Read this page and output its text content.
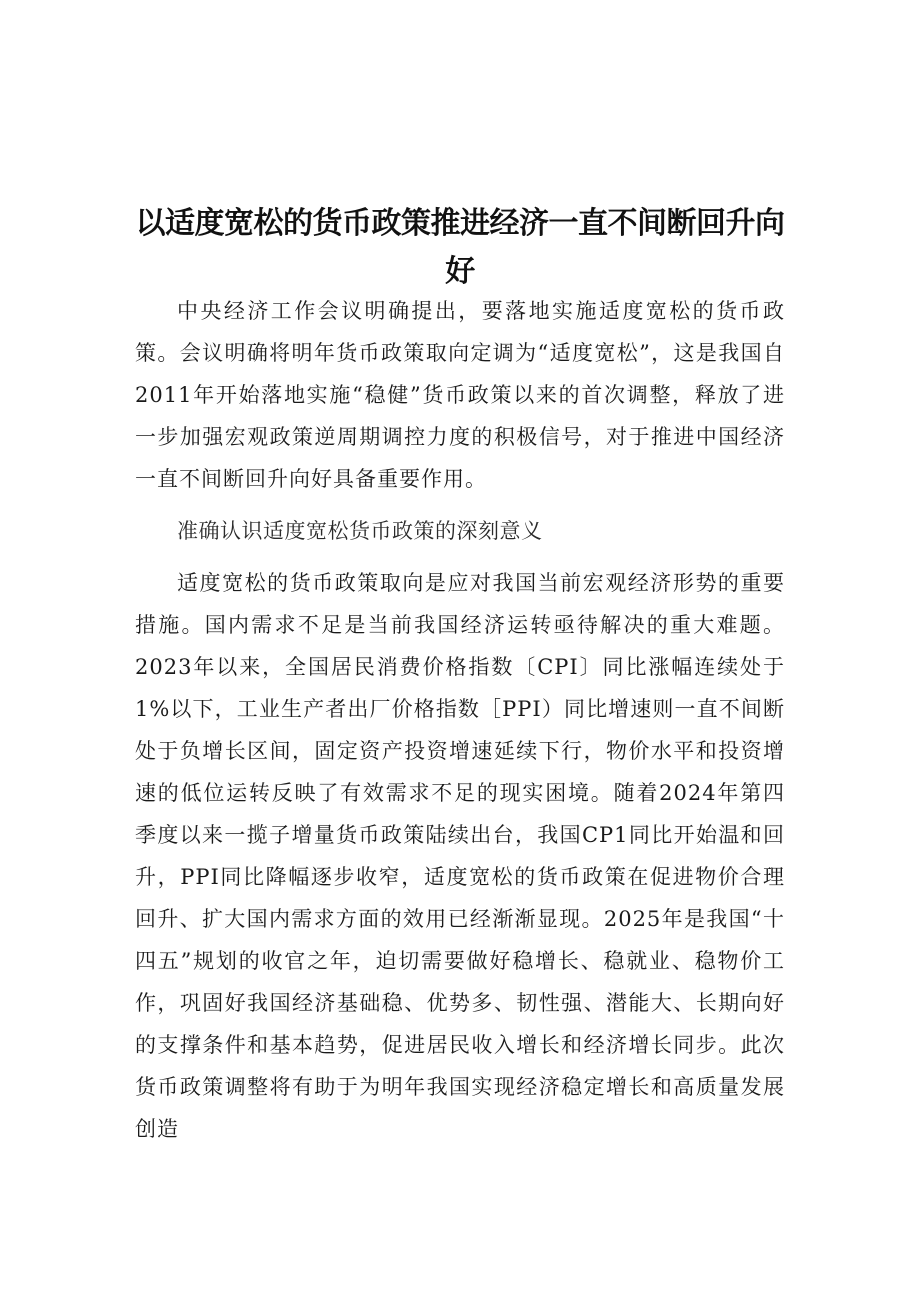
以适度宽松的货币政策推进经济一直不间断回升向好

中央经济工作会议明确提出，要落地实施适度宽松的货币政策。会议明确将明年货币政策取向定调为“适度宽松”，这是我国自2011年开始落地实施“稳健”货币政策以来的首次调整，释放了进一步加强宏观政策逆周期调控力度的积极信号，对于推进中国经济一直不间断回升向好具备重要作用。

准确认识适度宽松货币政策的深刻意义

适度宽松的货币政策取向是应对我国当前宏观经济形势的重要措施。国内需求不足是当前我国经济运转亟待解决的重大难题。2023年以来，全国居民消费价格指数〔CPI〕同比涨幅连续处于1%以下，工业生产者出厂价格指数［PPI）同比增速则一直不间断处于负增长区间，固定资产投资增速延续下行，物价水平和投资增速的低位运转反映了有效需求不足的现实困境。随着2024年第四季度以来一揽子增量货币政策陆续出台，我国CP1同比开始温和回升，PPI同比降幅逐步收窄，适度宽松的货币政策在促进物价合理回升、扩大国内需求方面的效用已经渐渐显现。2025年是我国“十四五”规划的收官之年，迫切需要做好稳增长、稳就业、稳物价工作，巩固好我国经济基础稳、优势多、韧性强、潜能大、长期向好的支撑条件和基本趋势，促进居民收入增长和经济增长同步。此次货币政策调整将有助于为明年我国实现经济稳定增长和高质量发展创造
